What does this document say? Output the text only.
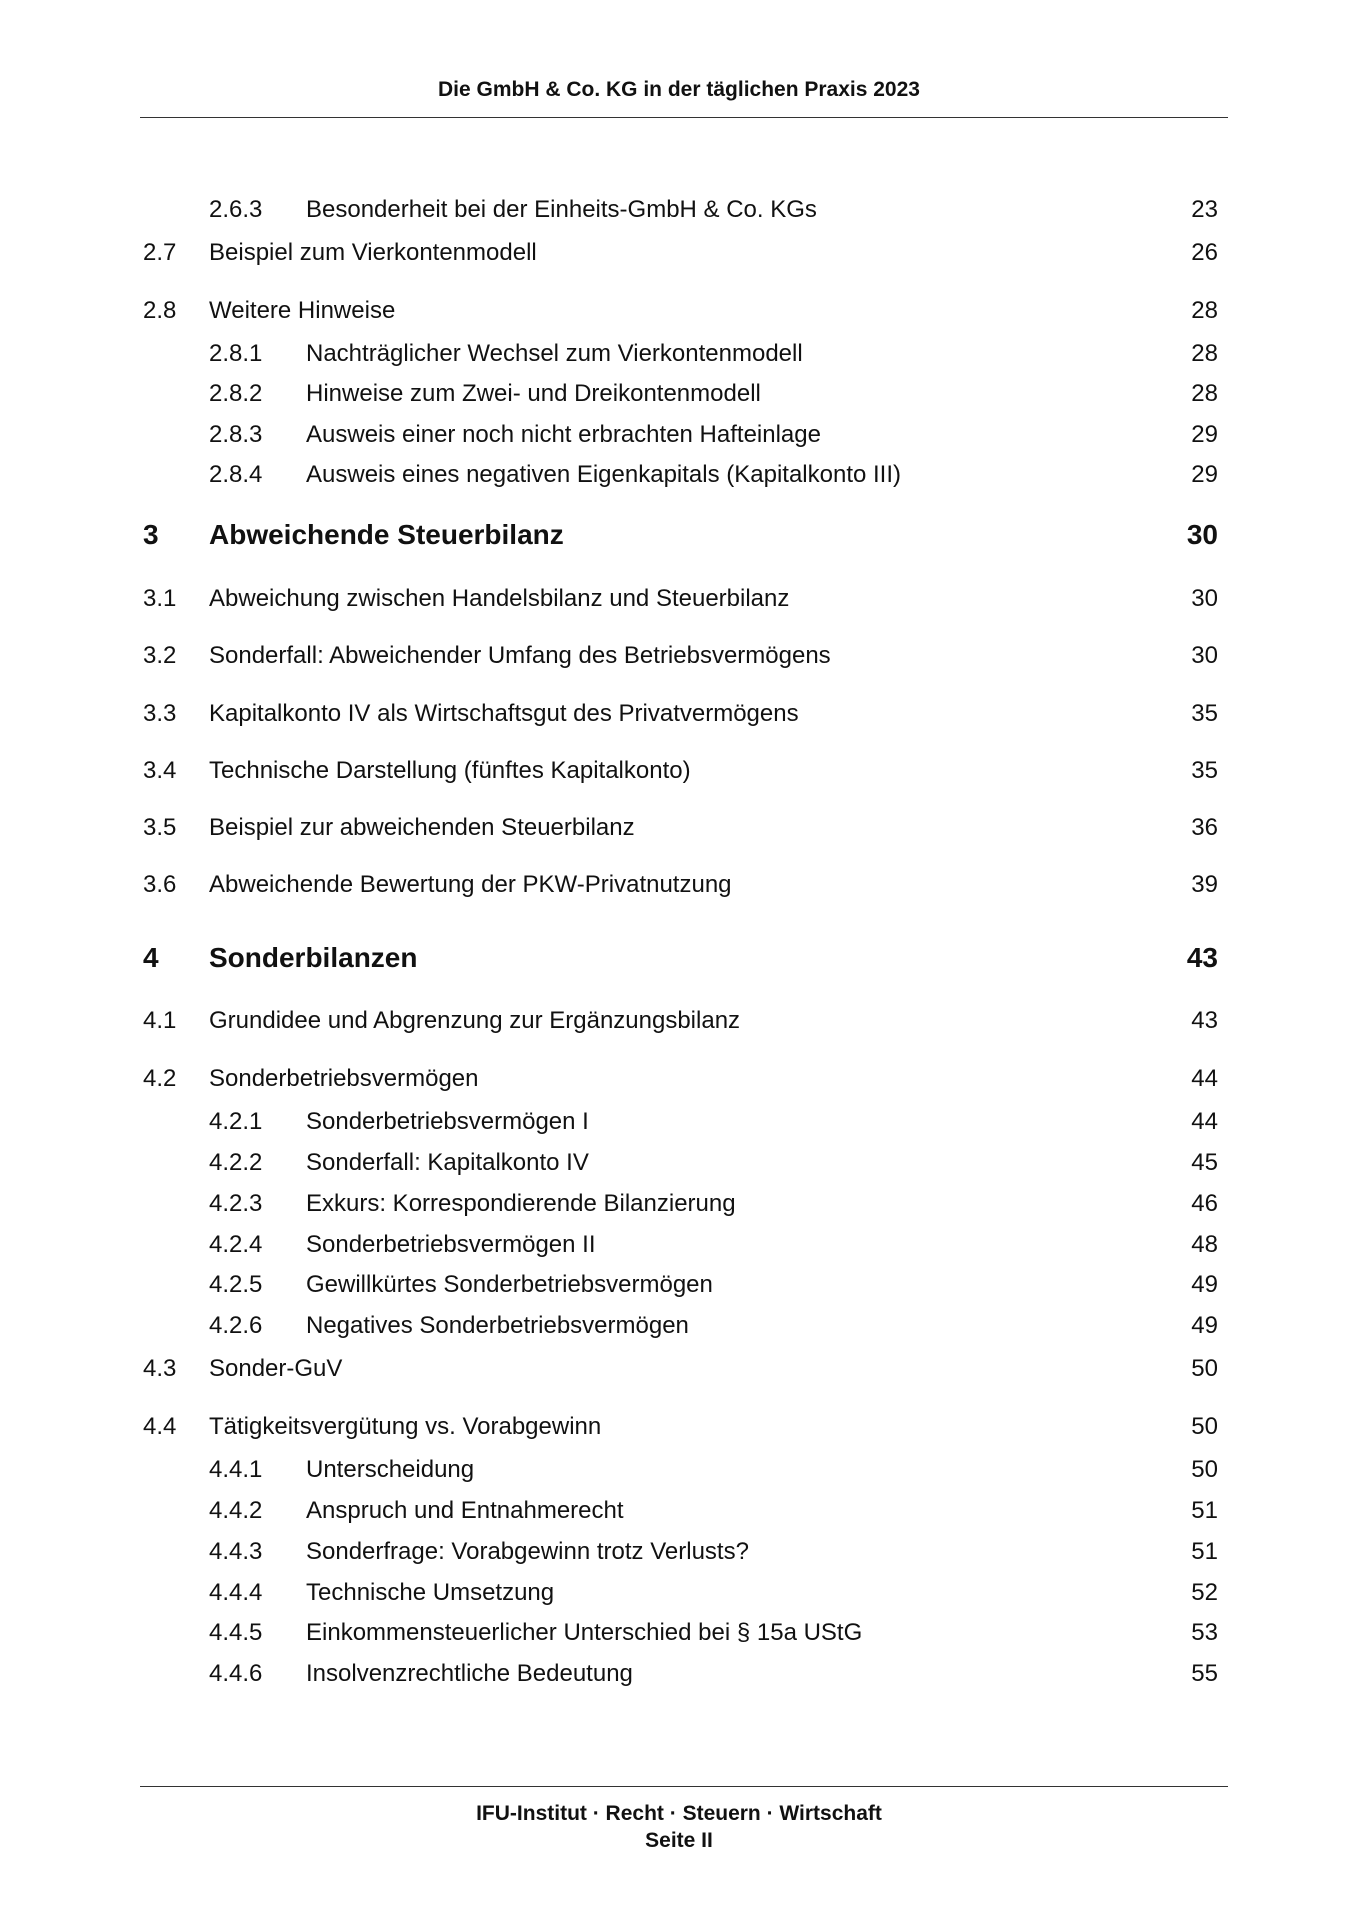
Die GmbH & Co. KG in der täglichen Praxis 2023
2.6.3 Besonderheit bei der Einheits-GmbH & Co. KGs	23
2.7 Beispiel zum Vierkontenmodell	26
2.8 Weitere Hinweise	28
2.8.1 Nachträglicher Wechsel zum Vierkontenmodell	28
2.8.2 Hinweise zum Zwei- und Dreikontenmodell	28
2.8.3 Ausweis einer noch nicht erbrachten Hafteinlage	29
2.8.4 Ausweis eines negativen Eigenkapitals (Kapitalkonto III)	29
3 Abweichende Steuerbilanz	30
3.1 Abweichung zwischen Handelsbilanz und Steuerbilanz	30
3.2 Sonderfall: Abweichender Umfang des Betriebsvermögens	30
3.3 Kapitalkonto IV als Wirtschaftsgut des Privatvermögens	35
3.4 Technische Darstellung (fünftes Kapitalkonto)	35
3.5 Beispiel zur abweichenden Steuerbilanz	36
3.6 Abweichende Bewertung der PKW-Privatnutzung	39
4 Sonderbilanzen	43
4.1 Grundidee und Abgrenzung zur Ergänzungsbilanz	43
4.2 Sonderbetriebsvermögen	44
4.2.1 Sonderbetriebsvermögen I	44
4.2.2 Sonderfall: Kapitalkonto IV	45
4.2.3 Exkurs: Korrespondierende Bilanzierung	46
4.2.4 Sonderbetriebsvermögen II	48
4.2.5 Gewillkürtes Sonderbetriebsvermögen	49
4.2.6 Negatives Sonderbetriebsvermögen	49
4.3 Sonder-GuV	50
4.4 Tätigkeitsvergütung vs. Vorabgewinn	50
4.4.1 Unterscheidung	50
4.4.2 Anspruch und Entnahmerecht	51
4.4.3 Sonderfrage: Vorabgewinn trotz Verlusts?	51
4.4.4 Technische Umsetzung	52
4.4.5 Einkommensteuerlicher Unterschied bei § 15a UStG	53
4.4.6 Insolvenzrechtliche Bedeutung	55
IFU-Institut · Recht · Steuern · Wirtschaft
Seite II
